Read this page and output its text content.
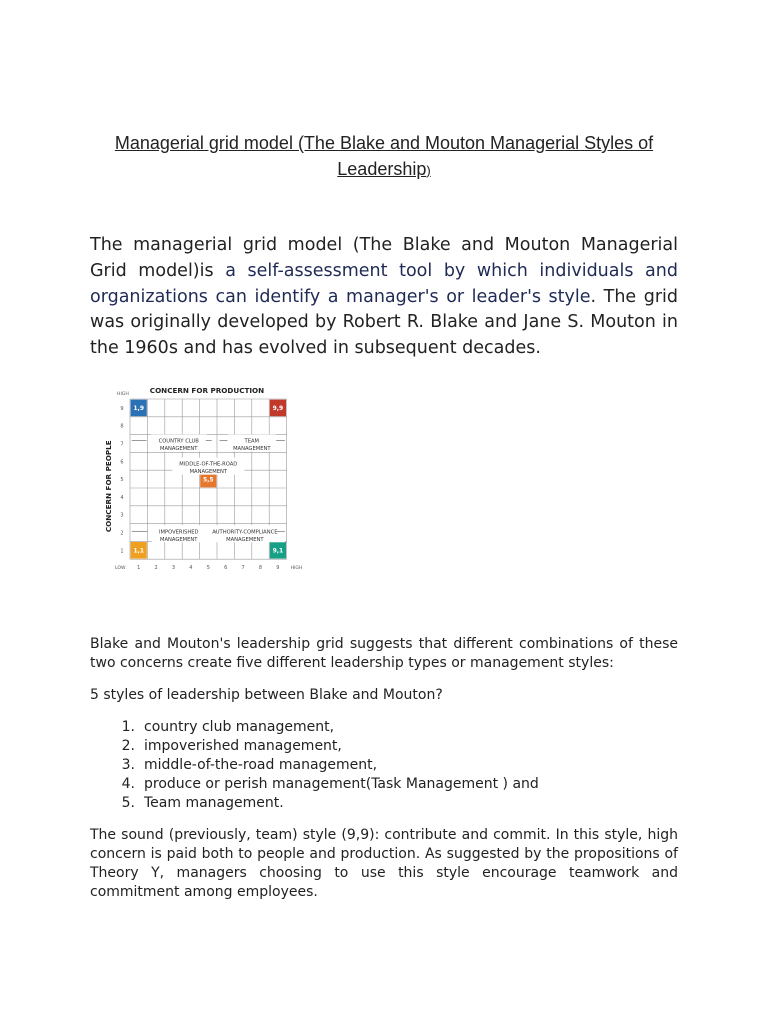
Managerial grid model (The Blake and Mouton Managerial Styles of Leadership)
The managerial grid model (The Blake and Mouton Managerial Grid model)is a self-assessment tool by which individuals and organizations can identify a manager's or leader's style. The grid was originally developed by Robert R. Blake and Jane S. Mouton in the 1960s and has evolved in subsequent decades.
1,9	9,9
5,5
1,1	9,1
COUNTRY CLUB
MANAGEMENT
TEAM
MANAGEMENT
MIDDLE-OF-THE-ROAD
MANAGEMENT
IMPOVERISHED
MANAGEMENT
AUTHORITY-COMPLIANCE
MANAGEMENT
9
8
7
6
5
4
3
2
1
1	2	3	4	5	6	7	8	9
HIGH
LOW	HIGH
CONCERN FOR PRODUCTION
CONCERN FOR PEOPLE
Blake and Mouton's leadership grid suggests that different combinations of these two concerns create five different leadership types or management styles:
5 styles of leadership between Blake and Mouton?
1. country club management,
2. impoverished management,
3. middle-of-the-road management,
4. produce or perish management(Task Management ) and
5. Team management.
The sound (previously, team) style (9,9): contribute and commit. In this style, high concern is paid both to people and production. As suggested by the propositions of Theory Y, managers choosing to use this style encourage teamwork and commitment among employees.
